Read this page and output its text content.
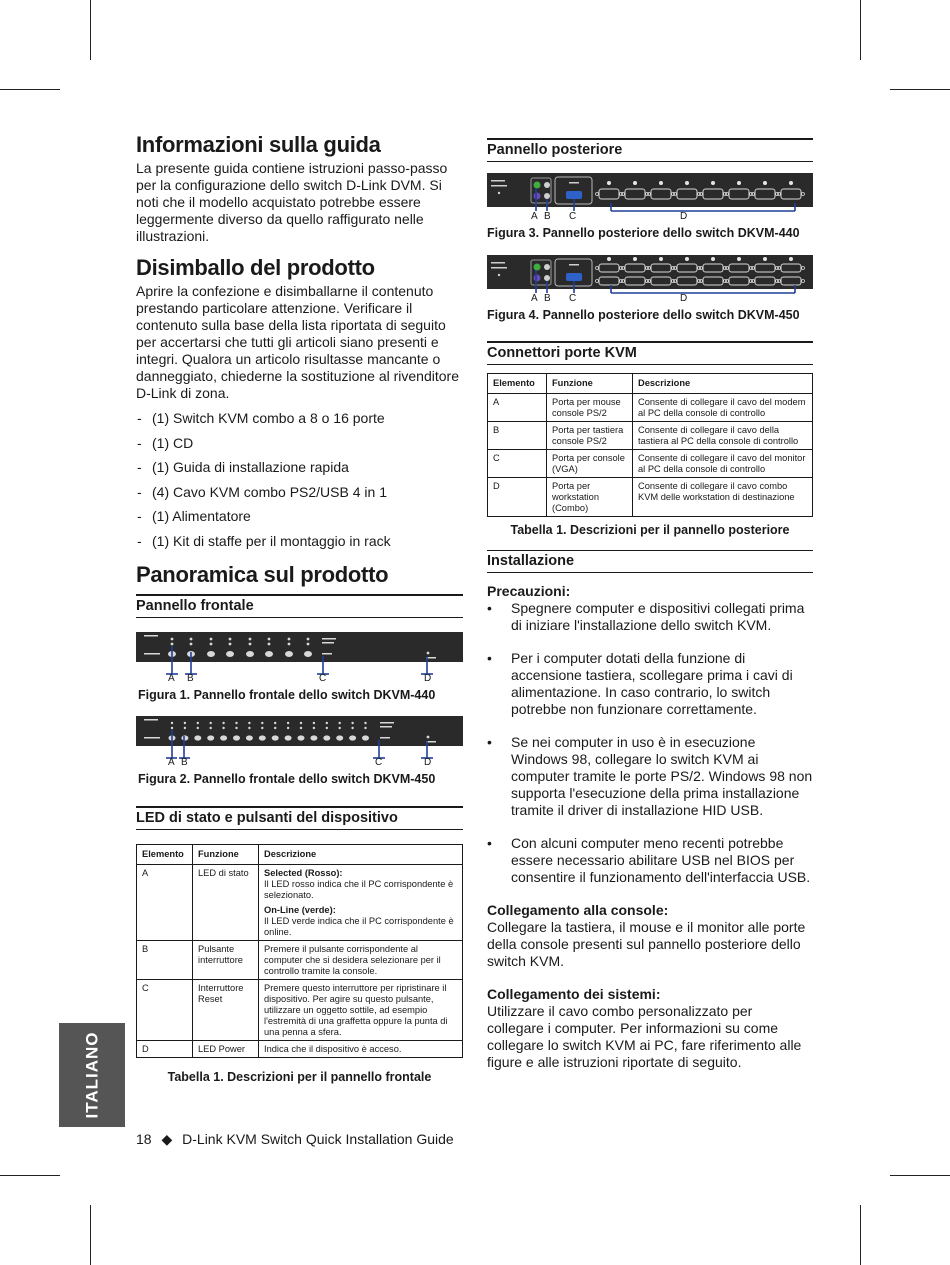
Informazioni sulla guida

La presente guida contiene istruzioni passo-passo per la configurazione dello switch D-Link DVM. Si noti che il modello acquistato potrebbe essere leggermente diverso da quello raffigurato nelle illustrazioni.

Disimballo del prodotto

Aprire la confezione e disimballarne il contenuto prestando particolare attenzione. Verificare il contenuto sulla base della lista riportata di seguito per accertarsi che tutti gli articoli siano presenti e integri. Qualora un articolo risultasse mancante o danneggiato, chiederne la sostituzione al rivenditore D-Link di zona.

- (1) Switch KVM combo a 8 o 16 porte
- (1) CD
- (1) Guida di installazione rapida
- (4) Cavo KVM combo PS2/USB 4 in 1
- (1) Alimentatore
- (1) Kit di staffe per il montaggio in rack
Panoramica sul prodotto
Pannello frontale
A B	C	D
Figura 1. Pannello frontale dello switch DKVM-440
A B	C	D
Figura 2. Pannello frontale dello switch DKVM-450
LED di stato e pulsanti del dispositivo
Elemento	Funzione	Descrizione
A	LED di stato	Selected (Rosso):
Il LED rosso indica che il PC corrispondente è selezionato.
On-Line (verde):
Il LED verde indica che il PC corrispondente è online.

B	Pulsante interruttore	Premere il pulsante corrispondente al computer che si desidera selezionare per il controllo tramite la console.
C	Interruttore Reset	Premere questo interruttore per ripristinare il dispositivo. Per agire su questo pulsante, utilizzare un oggetto sottile, ad esempio l'estremità di una graffetta oppure la punta di una penna a sfera.
D	LED Power	Indica che il dispositivo è acceso.
Tabella 1. Descrizioni per il pannello frontale
Pannello posteriore
A B C	D
Figura 3. Pannello posteriore dello switch DKVM-440
A B C	D
Figura 4. Pannello posteriore dello switch DKVM-450
Connettori porte KVM
Elemento	Funzione	Descrizione
A	Porta per mouse console PS/2	Consente di collegare il cavo del modem al PC della console di controllo
B	Porta per tastiera console PS/2	Consente di collegare il cavo della tastiera al PC della console di controllo
C	Porta per console (VGA)	Consente di collegare il cavo del monitor al PC della console di controllo
D	Porta per workstation (Combo)	Consente di collegare il cavo combo KVM delle workstation di destinazione
Tabella 1. Descrizioni per il pannello posteriore
Installazione
Precauzioni:
• Spegnere computer e dispositivi collegati prima di iniziare l'installazione dello switch KVM.
• Per i computer dotati della funzione di accensione tastiera, scollegare prima i cavi di alimentazione. In caso contrario, lo switch potrebbe non funzionare correttamente.
• Se nei computer in uso è in esecuzione Windows 98, collegare lo switch KVM ai computer tramite le porte PS/2. Windows 98 non supporta l'esecuzione della prima installazione tramite il driver di installazione HID USB.
• Con alcuni computer meno recenti potrebbe essere necessario abilitare USB nel BIOS per consentire il funzionamento dell'interfaccia USB.
Collegamento alla console:

Collegare la tastiera, il mouse e il monitor alle porte della console presenti sul pannello posteriore dello switch KVM.

Collegamento dei sistemi:

Utilizzare il cavo combo personalizzato per collegare i computer. Per informazioni su come collegare lo switch KVM ai PC, fare riferimento alle figure e alle istruzioni riportate di seguito.

ITALIANO
18 ◆ D-Link KVM Switch Quick Installation Guide
